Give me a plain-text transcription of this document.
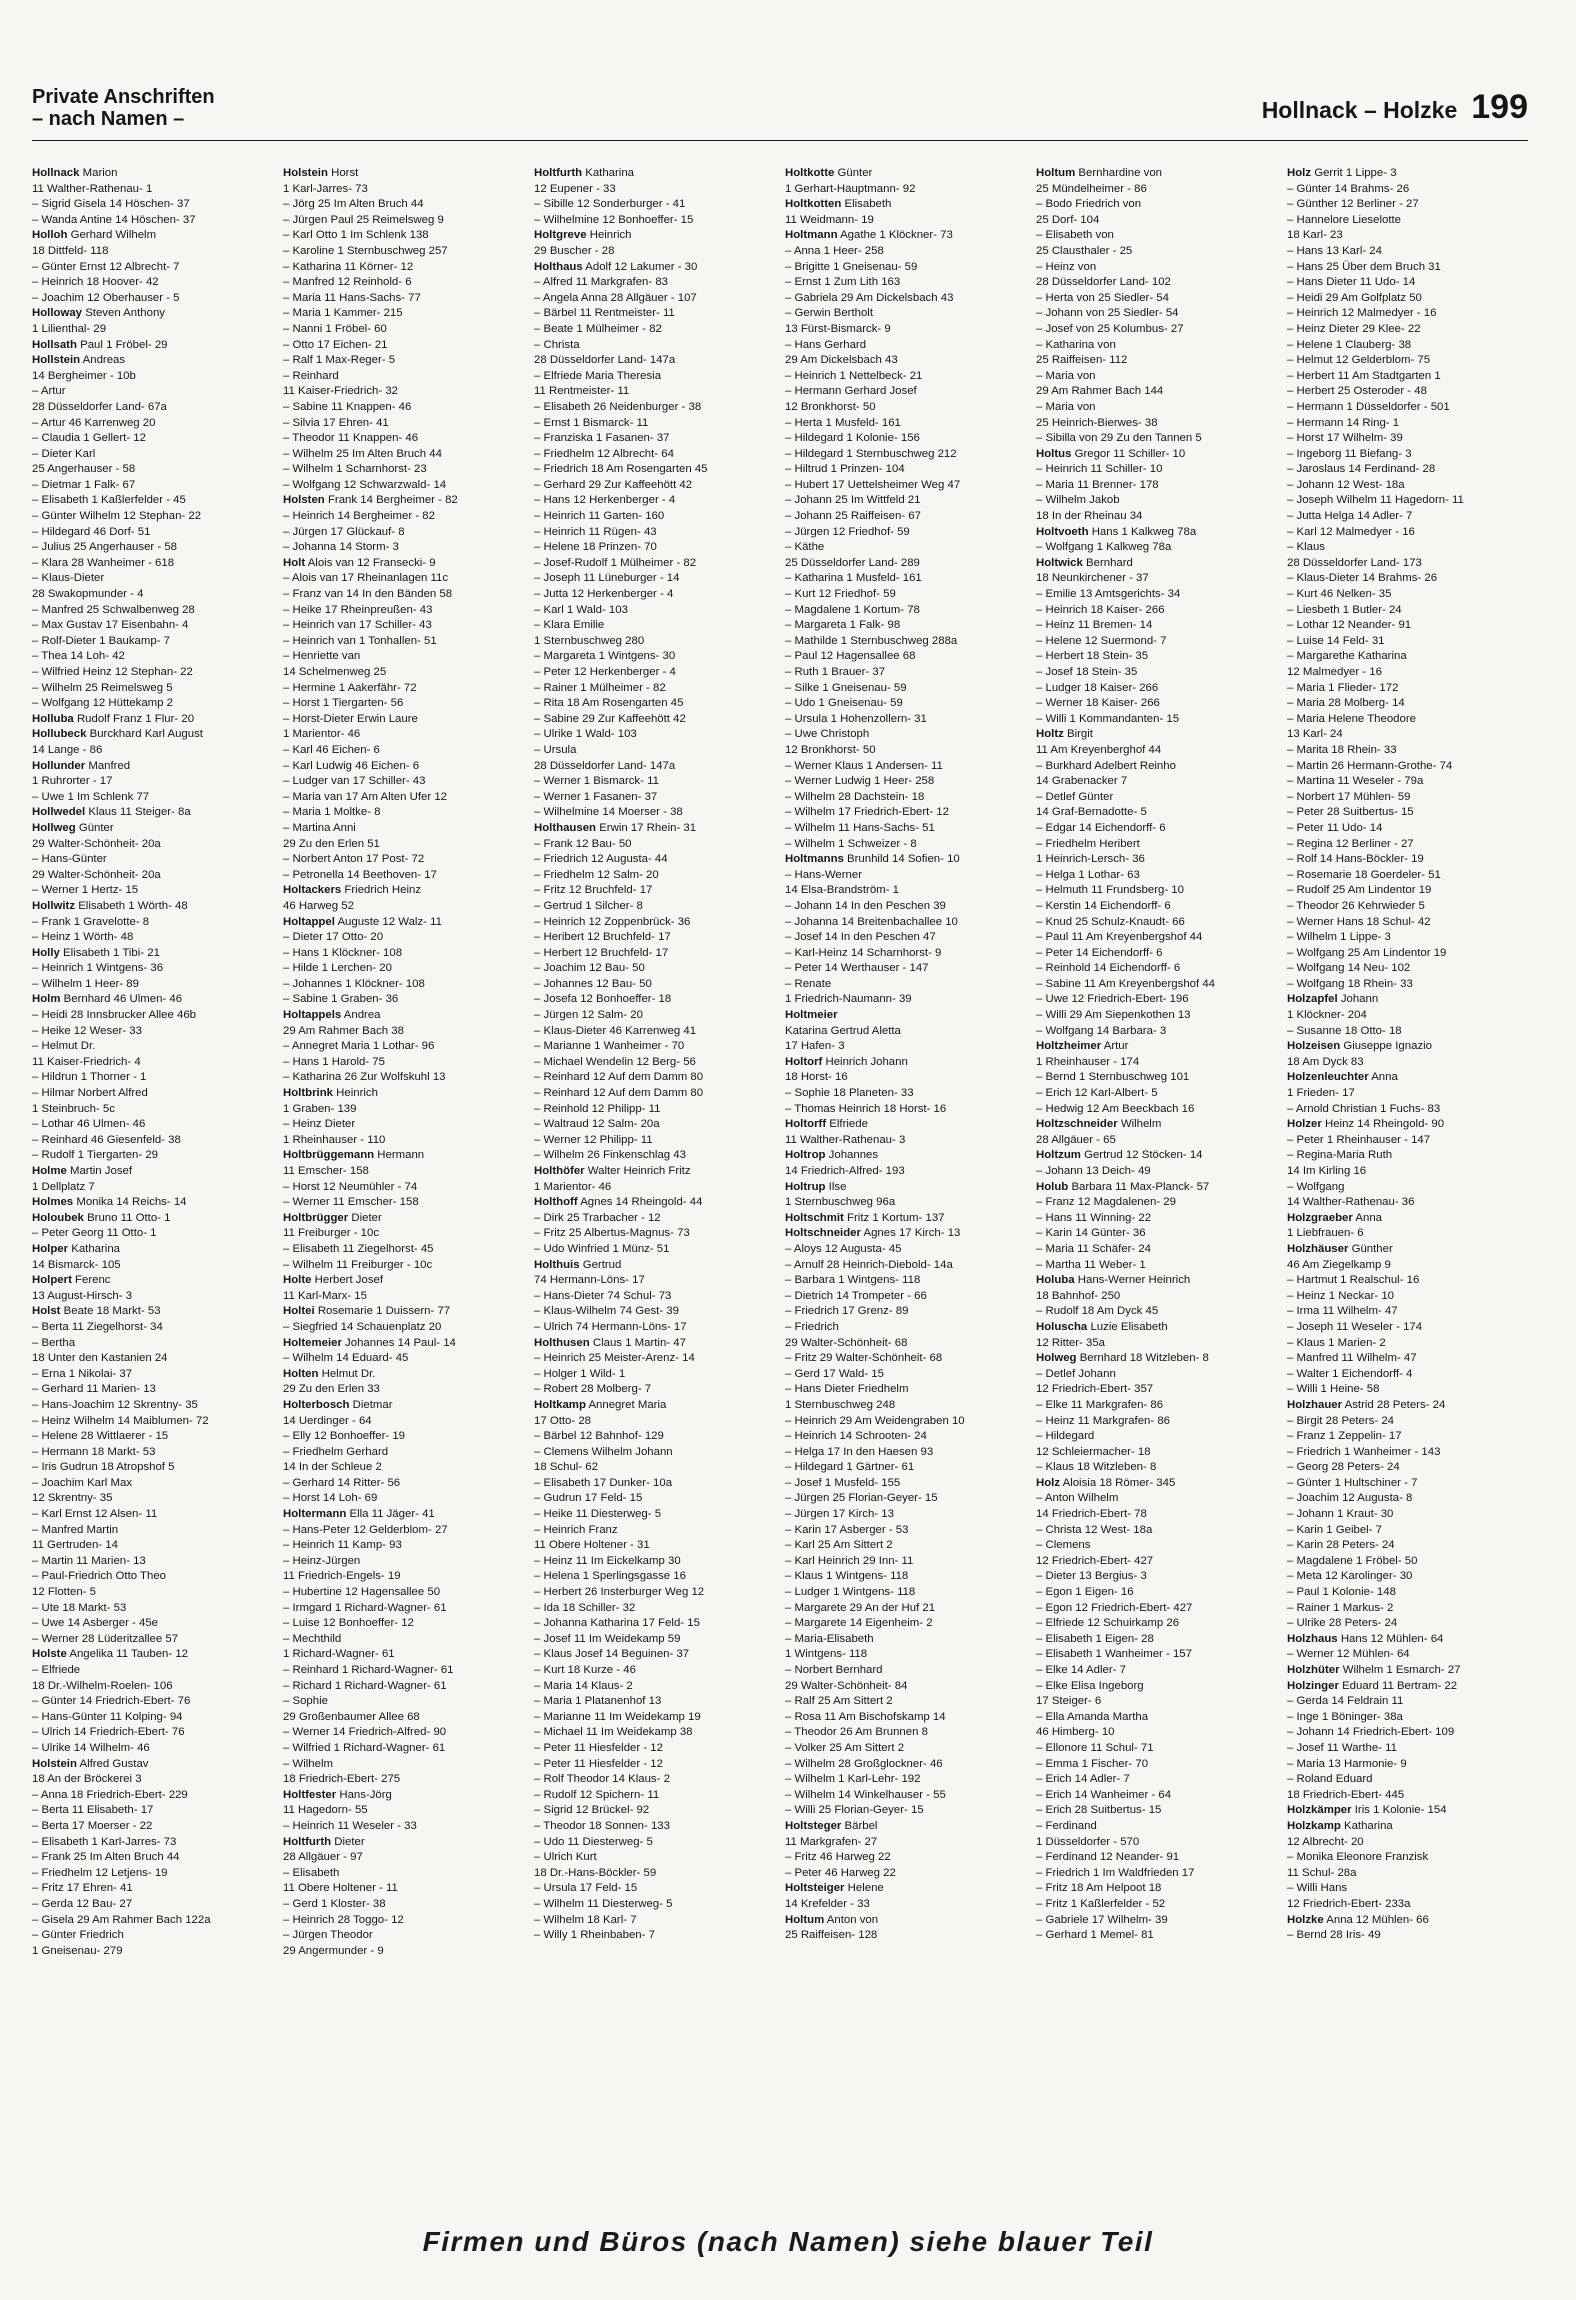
Private Anschriften
– nach Namen –	Hollnack – Holzke 199

Hollnack Marion

11 Walther-Rathenau- 1

– Sigrid Gisela 14 Höschen- 37

– Wanda Antine 14 Höschen- 37

Holloh Gerhard Wilhelm

18 Dittfeld- 118

– Günter Ernst 12 Albrecht- 7

– Heinrich 18 Hoover- 42

– Joachim 12 Oberhauser - 5

Holloway Steven Anthony

1 Lilienthal- 29

Hollsath Paul 1 Fröbel- 29

Hollstein Andreas

14 Bergheimer - 10b

– Artur

28 Düsseldorfer Land- 67a

– Artur 46 Karrenweg 20

– Claudia 1 Gellert- 12

– Dieter Karl

25 Angerhauser - 58

– Dietmar 1 Falk- 67

– Elisabeth 1 Kaßlerfelder - 45

– Günter Wilhelm 12 Stephan- 22

– Hildegard 46 Dorf- 51

– Julius 25 Angerhauser - 58

– Klara 28 Wanheimer - 618

– Klaus-Dieter

28 Swakopmunder - 4

– Manfred 25 Schwalbenweg 28

– Max Gustav 17 Eisenbahn- 4

– Rolf-Dieter 1 Baukamp- 7

– Thea 14 Loh- 42

– Wilfried Heinz 12 Stephan- 22

– Wilhelm 25 Reimelsweg 5

– Wolfgang 12 Hüttekamp 2

Holluba Rudolf Franz 1 Flur- 20

Hollubeck Burckhard Karl August

14 Lange - 86

Hollunder Manfred

1 Ruhrorter - 17

– Uwe 1 Im Schlenk 77

Hollwedel Klaus 11 Steiger- 8a

Hollweg Günter

29 Walter-Schönheit- 20a

– Hans-Günter

29 Walter-Schönheit- 20a

– Werner 1 Hertz- 15

Hollwitz Elisabeth 1 Wörth- 48

– Frank 1 Gravelotte- 8

– Heinz 1 Wörth- 48

Holly Elisabeth 1 Tibi- 21

– Heinrich 1 Wintgens- 36

– Wilhelm 1 Heer- 89

Holm Bernhard 46 Ulmen- 46

– Heidi 28 Innsbrucker Allee 46b

– Heike 12 Weser- 33

– Helmut Dr.

11 Kaiser-Friedrich- 4

– Hildrun 1 Thorner - 1

– Hilmar Norbert Alfred

1 Steinbruch- 5c

– Lothar 46 Ulmen- 46

– Reinhard 46 Giesenfeld- 38

– Rudolf 1 Tiergarten- 29

Holme Martin Josef

1 Dellplatz 7

Holmes Monika 14 Reichs- 14

Holoubek Bruno 11 Otto- 1

– Peter Georg 11 Otto- 1

Holper Katharina

14 Bismarck- 105

Holpert Ferenc

13 August-Hirsch- 3

Holst Beate 18 Markt- 53

– Berta 11 Ziegelhorst- 34

– Bertha

18 Unter den Kastanien 24

– Erna 1 Nikolai- 37

– Gerhard 11 Marien- 13

– Hans-Joachim 12 Skrentny- 35

– Heinz Wilhelm 14 Maiblumen- 72

– Helene 28 Wittlaerer - 15

– Hermann 18 Markt- 53

– Iris Gudrun 18 Atropshof 5

– Joachim Karl Max

12 Skrentny- 35

– Karl Ernst 12 Alsen- 11

– Manfred Martin

11 Gertruden- 14

– Martin 11 Marien- 13

– Paul-Friedrich Otto Theo

12 Flotten- 5

– Ute 18 Markt- 53

– Uwe 14 Asberger - 45e

– Werner 28 Lüderitzallee 57

Holste Angelika 11 Tauben- 12

– Elfriede

18 Dr.-Wilhelm-Roelen- 106

– Günter 14 Friedrich-Ebert- 76

– Hans-Günter 11 Kolping- 94

– Ulrich 14 Friedrich-Ebert- 76

– Ulrike 14 Wilhelm- 46

Holstein Alfred Gustav

18 An der Bröckerei 3

– Anna 18 Friedrich-Ebert- 229

– Berta 11 Elisabeth- 17

– Berta 17 Moerser - 22

– Elisabeth 1 Karl-Jarres- 73

– Frank 25 Im Alten Bruch 44

– Friedhelm 12 Letjens- 19

– Fritz 17 Ehren- 41

– Gerda 12 Bau- 27

– Gisela 29 Am Rahmer Bach 122a

– Günter Friedrich

1 Gneisenau- 279

Holstein Horst

1 Karl-Jarres- 73

– Jörg 25 Im Alten Bruch 44

– Jürgen Paul 25 Reimelsweg 9

– Karl Otto 1 Im Schlenk 138

– Karoline 1 Sternbuschweg 257

– Katharina 11 Körner- 12

– Manfred 12 Reinhold- 6

– Maria 11 Hans-Sachs- 77

– Maria 1 Kammer- 215

– Nanni 1 Fröbel- 60

– Otto 17 Eichen- 21

– Ralf 1 Max-Reger- 5

– Reinhard

11 Kaiser-Friedrich- 32

– Sabine 11 Knappen- 46

– Silvia 17 Ehren- 41

– Theodor 11 Knappen- 46

– Wilhelm 25 Im Alten Bruch 44

– Wilhelm 1 Scharnhorst- 23

– Wolfgang 12 Schwarzwald- 14

Holsten Frank 14 Bergheimer - 82

– Heinrich 14 Bergheimer - 82

– Jürgen 17 Glückauf- 8

– Johanna 14 Storm- 3

Holt Alois van 12 Franseckі- 9

– Alois van 17 Rheinanlagen 11c

– Franz van 14 In den Bänden 58

– Heike 17 Rheinpreußen- 43

– Heinrich van 17 Schiller- 43

– Heinrich van 1 Tonhallen- 51

– Henriette van

14 Schelmenweg 25

– Hermine 1 Aakerfähr- 72

– Horst 1 Tiergarten- 56

– Horst-Dieter Erwin Laure

1 Marientor- 46

– Karl 46 Eichen- 6

– Karl Ludwig 46 Eichen- 6

– Ludger van 17 Schiller- 43

– Maria van 17 Am Alten Ufer 12

– Maria 1 Moltke- 8

– Martina Anni

29 Zu den Erlen 51

– Norbert Anton 17 Post- 72

– Petronella 14 Beethoven- 17

Holtackers Friedrich Heinz

46 Harweg 52

Holtappel Auguste 12 Walz- 11

– Dieter 17 Otto- 20

– Hans 1 Klöckner- 108

– Hilde 1 Lerchen- 20

– Johannes 1 Klöckner- 108

– Sabine 1 Graben- 36

Holtappels Andrea

29 Am Rahmer Bach 38

– Annegret Maria 1 Lothar- 96

– Hans 1 Harold- 75

– Katharina 26 Zur Wolfskuhl 13

Holtbrink Heinrich

1 Graben- 139

– Heinz Dieter

1 Rheinhauser - 110

Holtbrüggemann Hermann

11 Emscher- 158

– Horst 12 Neumühler - 74

– Werner 11 Emscher- 158

Holtbrügger Dieter

11 Freiburger - 10c

– Elisabeth 11 Ziegelhorst- 45

– Wilhelm 11 Freiburger - 10c

Holte Herbert Josef

11 Karl-Marx- 15

Holtei Rosemarie 1 Duissern- 77

– Siegfried 14 Schauenplatz 20

Holtemeier Johannes 14 Paul- 14

– Wilhelm 14 Eduard- 45

Holten Helmut Dr.

29 Zu den Erlen 33

Holterbosch Dietmar

14 Uerdinger - 64

– Elly 12 Bonhoeffer- 19

– Friedhelm Gerhard

14 In der Schleue 2

– Gerhard 14 Ritter- 56

– Horst 14 Loh- 69

Holtermann Ella 11 Jäger- 41

– Hans-Peter 12 Gelderblom- 27

– Heinrich 11 Kamp- 93

– Heinz-Jürgen

11 Friedrich-Engels- 19

– Hubertine 12 Hagensallee 50

– Irmgard 1 Richard-Wagner- 61

– Luise 12 Bonhoeffer- 12

– Mechthild

1 Richard-Wagner- 61

– Reinhard 1 Richard-Wagner- 61

– Richard 1 Richard-Wagner- 61

– Sophie

29 Großenbaumer Allee 68

– Werner 14 Friedrich-Alfred- 90

– Wilfried 1 Richard-Wagner- 61

– Wilhelm

18 Friedrich-Ebert- 275

Holtfester Hans-Jörg

11 Hagedorn- 55

– Heinrich 11 Weseler - 33

Holtfurth Dieter

28 Allgäuer - 97

– Elisabeth

11 Obere Holtener - 11

– Gerd 1 Kloster- 38

– Heinrich 28 Toggo- 12

– Jürgen Theodor

29 Angermunder - 9

Holtfurth Katharina

12 Eupener - 33

– Sibille 12 Sonderburger - 41

– Wilhelmine 12 Bonhoeffer- 15

Holtgreve Heinrich

29 Buscher - 28

Holthaus Adolf 12 Lakumer - 30

– Alfred 11 Markgrafen- 83

– Angela Anna 28 Allgäuer - 107

– Bärbel 11 Rentmeister- 11

– Beate 1 Mülheimer - 82

– Christa

28 Düsseldorfer Land- 147a

– Elfriede Maria Theresia

11 Rentmeister- 11

– Elisabeth 26 Neidenburger - 38

– Ernst 1 Bismarck- 11

– Franziska 1 Fasanen- 37

– Friedhelm 12 Albrecht- 64

– Friedrich 18 Am Rosengarten 45

– Gerhard 29 Zur Kaffeehött 42

– Hans 12 Herkenberger - 4

– Heinrich 11 Garten- 160

– Heinrich 11 Rügen- 43

– Helene 18 Prinzen- 70

– Josef-Rudolf 1 Mülheimer - 82

– Joseph 11 Lüneburger - 14

– Jutta 12 Herkenberger - 4

– Karl 1 Wald- 103

– Klara Emilie

1 Sternbuschweg 280

– Margareta 1 Wintgens- 30

– Peter 12 Herkenberger - 4

– Rainer 1 Mülheimer - 82

– Rita 18 Am Rosengarten 45

– Sabine 29 Zur Kaffeehött 42

– Ulrike 1 Wald- 103

– Ursula

28 Düsseldorfer Land- 147a

– Werner 1 Bismarck- 11

– Werner 1 Fasanen- 37

– Wilhelmine 14 Moerser - 38

Holthausen Erwin 17 Rhein- 31

– Frank 12 Bau- 50

– Friedrich 12 Augusta- 44

– Friedhelm 12 Salm- 20

– Fritz 12 Bruchfeld- 17

– Gertrud 1 Silcher- 8

– Heinrich 12 Zoppenbrück- 36

– Heribert 12 Bruchfeld- 17

– Herbert 12 Bruchfeld- 17

– Joachim 12 Bau- 50

– Johannes 12 Bau- 50

– Josefa 12 Bonhoeffer- 18

– Jürgen 12 Salm- 20

– Klaus-Dieter 46 Karrenweg 41

– Marianne 1 Wanheimer - 70

– Michael Wendelin 12 Berg- 56

– Reinhard 12 Auf dem Damm 80

– Reinhard 12 Auf dem Damm 80

– Reinhold 12 Philipp- 11

– Waltraud 12 Salm- 20a

– Werner 12 Philipp- 11

– Wilhelm 26 Finkenschlag 43

Holthöfer Walter Heinrich Fritz

1 Marientor- 46

Holthoff Agnes 14 Rheingold- 44

– Dirk 25 Trarbacher - 12

– Fritz 25 Albertus-Magnus- 73

– Udo Winfried 1 Münz- 51

Holthuis Gertrud

74 Hermann-Löns- 17

– Hans-Dieter 74 Schul- 73

– Klaus-Wilhelm 74 Gest- 39

– Ulrich 74 Hermann-Löns- 17

Holthusen Claus 1 Martin- 47

– Heinrich 25 Meister-Arenz- 14

– Holger 1 Wild- 1

– Robert 28 Molberg- 7

Holtkamp Annegret Maria

17 Otto- 28

– Bärbel 12 Bahnhof- 129

– Clemens Wilhelm Johann

18 Schul- 62

– Elisabeth 17 Dunker- 10a

– Gudrun 17 Feld- 15

– Heike 11 Diesterweg- 5

– Heinrich Franz

11 Obere Holtener - 31

– Heinz 11 Im Eickelkamp 30

– Helena 1 Sperlingsgasse 16

– Herbert 26 Insterburger Weg 12

– Ida 18 Schiller- 32

– Johanna Katharina 17 Feld- 15

– Josef 11 Im Weidekamp 59

– Klaus Josef 14 Beguinen- 37

– Kurt 18 Kurze - 46

– Maria 14 Klaus- 2

– Maria 1 Platanenhof 13

– Marianne 11 Im Weidekamp 19

– Michael 11 Im Weidekamp 38

– Peter 11 Hiesfelder - 12

– Peter 11 Hiesfelder - 12

– Rolf Theodor 14 Klaus- 2

– Rudolf 12 Spichern- 11

– Sigrid 12 Brückel- 92

– Theodor 18 Sonnen- 133

– Udo 11 Diesterweg- 5

– Ulrich Kurt

18 Dr.-Hans-Böckler- 59

– Ursula 17 Feld- 15

– Wilhelm 11 Diesterweg- 5

– Wilhelm 18 Karl- 7

– Willy 1 Rheinbaben- 7

Holtkotte Günter

1 Gerhart-Hauptmann- 92

Holtkotten Elisabeth

11 Weidmann- 19

Holtmann Agathe 1 Klöckner- 73

– Anna 1 Heer- 258

– Brigitte 1 Gneisenau- 59

– Ernst 1 Zum Lith 163

– Gabriela 29 Am Dickelsbach 43

– Gerwin Bertholt

13 Fürst-Bismarck- 9

– Hans Gerhard

29 Am Dickelsbach 43

– Heinrich 1 Nettelbeck- 21

– Hermann Gerhard Josef

12 Bronkhorst- 50

– Herta 1 Musfeld- 161

– Hildegard 1 Kolonie- 156

– Hildegard 1 Sternbuschweg 212

– Hiltrud 1 Prinzen- 104

– Hubert 17 Uettelsheimer Weg 47

– Johann 25 Im Wittfeld 21

– Johann 25 Raiffeisen- 67

– Jürgen 12 Friedhof- 59

– Käthe

25 Düsseldorfer Land- 289

– Katharina 1 Musfeld- 161

– Kurt 12 Friedhof- 59

– Magdalene 1 Kortum- 78

– Margareta 1 Falk- 98

– Mathilde 1 Sternbuschweg 288a

– Paul 12 Hagensallee 68

– Ruth 1 Brauer- 37

– Silke 1 Gneisenau- 59

– Udo 1 Gneisenau- 59

– Ursula 1 Hohenzollern- 31

– Uwe Christoph

12 Bronkhorst- 50

– Werner Klaus 1 Andersen- 11

– Werner Ludwig 1 Heer- 258

– Wilhelm 28 Dachstein- 18

– Wilhelm 17 Friedrich-Ebert- 12

– Wilhelm 11 Hans-Sachs- 51

– Wilhelm 1 Schweizer - 8

Holtmanns Brunhild 14 Sofien- 10

– Hans-Werner

14 Elsa-Brandström- 1

– Johann 14 In den Peschen 39

– Johanna 14 Breitenbachallee 10

– Josef 14 In den Peschen 47

– Karl-Heinz 14 Scharnhorst- 9

– Peter 14 Werthauser - 147

– Renate

1 Friedrich-Naumann- 39

Holtmeier

Katarina Gertrud Aletta

17 Hafen- 3

Holtorf Heinrich Johann

18 Horst- 16

– Sophie 18 Planeten- 33

– Thomas Heinrich 18 Horst- 16

Holtorff Elfriede

11 Walther-Rathenau- 3

Holtrop Johannes

14 Friedrich-Alfred- 193

Holtrup Ilse

1 Sternbuschweg 96a

Holtschmit Fritz 1 Kortum- 137

Holtschneider Agnes 17 Kirch- 13

– Aloys 12 Augusta- 45

– Arnulf 28 Heinrich-Diebold- 14a

– Barbara 1 Wintgens- 118

– Dietrich 14 Trompeter - 66

– Friedrich 17 Grenz- 89

– Friedrich

29 Walter-Schönheit- 68

– Fritz 29 Walter-Schönheit- 68

– Gerd 17 Wald- 15

– Hans Dieter Friedhelm

1 Sternbuschweg 248

– Heinrich 29 Am Weidengraben 10

– Heinrich 14 Schrooten- 24

– Helga 17 In den Haesen 93

– Hildegard 1 Gärtner- 61

– Josef 1 Musfeld- 155

– Jürgen 25 Florian-Geyer- 15

– Jürgen 17 Kirch- 13

– Karin 17 Asberger - 53

– Karl 25 Am Sittert 2

– Karl Heinrich 29 Inn- 11

– Klaus 1 Wintgens- 118

– Ludger 1 Wintgens- 118

– Margarete 29 An der Huf 21

– Margarete 14 Eigenheim- 2

– Maria-Elisabeth

1 Wintgens- 118

– Norbert Bernhard

29 Walter-Schönheit- 84

– Ralf 25 Am Sittert 2

– Rosa 11 Am Bischofskamp 14

– Theodor 26 Am Brunnen 8

– Volker 25 Am Sittert 2

– Wilhelm 28 Großglockner- 46

– Wilhelm 1 Karl-Lehr- 192

– Wilhelm 14 Winkelhauser - 55

– Willi 25 Florian-Geyer- 15

Holtsteger Bärbel

11 Markgrafen- 27

– Fritz 46 Harweg 22

– Peter 46 Harweg 22

Holtsteiger Helene

14 Krefelder - 33

Holtum Anton von

25 Raiffeisen- 128

Holtum Bernhardine von

25 Mündelheimer - 86

– Bodo Friedrich von

25 Dorf- 104

– Elisabeth von

25 Clausthaler - 25

– Heinz von

28 Düsseldorfer Land- 102

– Herta von 25 Siedler- 54

– Johann von 25 Siedler- 54

– Josef von 25 Kolumbus- 27

– Katharina von

25 Raiffeisen- 112

– Maria von

29 Am Rahmer Bach 144

– Maria von

25 Heinrich-Bierwes- 38

– Sibilla von 29 Zu den Tannen 5

Holtus Gregor 11 Schiller- 10

– Heinrich 11 Schiller- 10

– Maria 11 Brenner- 178

– Wilhelm Jakob

18 In der Rheinau 34

Holtvoeth Hans 1 Kalkweg 78a

– Wolfgang 1 Kalkweg 78a

Holtwick Bernhard

18 Neunkirchener - 37

– Emilie 13 Amtsgerichts- 34

– Heinrich 18 Kaiser- 266

– Heinz 11 Bremen- 14

– Helene 12 Suermond- 7

– Herbert 18 Stein- 35

– Josef 18 Stein- 35

– Ludger 18 Kaiser- 266

– Werner 18 Kaiser- 266

– Willi 1 Kommandanten- 15

Holtz Birgit

11 Am Kreyenberghof 44

– Burkhard Adelbert Reinho

14 Grabenacker 7

– Detlef Günter

14 Graf-Bernadotte- 5

– Edgar 14 Eichendorff- 6

– Friedhelm Heribert

1 Heinrich-Lersch- 36

– Helga 1 Lothar- 63

– Helmuth 11 Frundsberg- 10

– Kerstin 14 Eichendorff- 6

– Knud 25 Schulz-Knaudt- 66

– Paul 11 Am Kreyenbergshof 44

– Peter 14 Eichendorff- 6

– Reinhold 14 Eichendorff- 6

– Sabine 11 Am Kreyenbergshof 44

– Uwe 12 Friedrich-Ebert- 196

– Willi 29 Am Siepenkothen 13

– Wolfgang 14 Barbara- 3

Holtzheimer Artur

1 Rheinhauser - 174

– Bernd 1 Sternbuschweg 101

– Erich 12 Karl-Albert- 5

– Hedwig 12 Am Beeckbach 16

Holtzschneider Wilhelm

28 Allgäuer - 65

Holtzum Gertrud 12 Stöcken- 14

– Johann 13 Deich- 49

Holub Barbara 11 Max-Planck- 57

– Franz 12 Magdalenen- 29

– Hans 11 Winning- 22

– Karin 14 Günter- 36

– Maria 11 Schäfer- 24

– Martha 11 Weber- 1

Holuba Hans-Werner Heinrich

18 Bahnhof- 250

– Rudolf 18 Am Dyck 45

Holuscha Luzie Elisabeth

12 Ritter- 35a

Holweg Bernhard 18 Witzleben- 8

– Detlef Johann

12 Friedrich-Ebert- 357

– Elke 11 Markgrafen- 86

– Heinz 11 Markgrafen- 86

– Hildegard

12 Schleiermacher- 18

– Klaus 18 Witzleben- 8

Holz Aloisia 18 Römer- 345

– Anton Wilhelm

14 Friedrich-Ebert- 78

– Christa 12 West- 18a

– Clemens

12 Friedrich-Ebert- 427

– Dieter 13 Bergius- 3

– Egon 1 Eigen- 16

– Egon 12 Friedrich-Ebert- 427

– Elfriede 12 Schuirkamp 26

– Elisabeth 1 Eigen- 28

– Elisabeth 1 Wanheimer - 157

– Elke 14 Adler- 7

– Elke Elisa Ingeborg

17 Steiger- 6

– Ella Amanda Martha

46 Himberg- 10

– Ellonore 11 Schul- 71

– Emma 1 Fischer- 70

– Erich 14 Adler- 7

– Erich 14 Wanheimer - 64

– Erich 28 Suitbertus- 15

– Ferdinand

1 Düsseldorfer - 570

– Ferdinand 12 Neander- 91

– Friedrich 1 Im Waldfrieden 17

– Fritz 18 Am Helpoot 18

– Fritz 1 Kaßlerfelder - 52

– Gabriele 17 Wilhelm- 39

– Gerhard 1 Memel- 81

Holz Gerrit 1 Lippe- 3

– Günter 14 Brahms- 26

– Günther 12 Berliner - 27

– Hannelore Lieselotte

18 Karl- 23

– Hans 13 Karl- 24

– Hans 25 Über dem Bruch 31

– Hans Dieter 11 Udo- 14

– Heidi 29 Am Golfplatz 50

– Heinrich 12 Malmedyer - 16

– Heinz Dieter 29 Klee- 22

– Helene 1 Clauberg- 38

– Helmut 12 Gelderblom- 75

– Herbert 11 Am Stadtgarten 1

– Herbert 25 Osteroder - 48

– Hermann 1 Düsseldorfer - 501

– Hermann 14 Ring- 1

– Horst 17 Wilhelm- 39

– Ingeborg 11 Biefang- 3

– Jaroslaus 14 Ferdinand- 28

– Johann 12 West- 18a

– Joseph Wilhelm 11 Hagedorn- 11

– Jutta Helga 14 Adler- 7

– Karl 12 Malmedyer - 16

– Klaus

28 Düsseldorfer Land- 173

– Klaus-Dieter 14 Brahms- 26

– Kurt 46 Nelken- 35

– Liesbeth 1 Butler- 24

– Lothar 12 Neander- 91

– Luise 14 Feld- 31

– Margarethe Katharina

12 Malmedyer - 16

– Maria 1 Flieder- 172

– Maria 28 Molberg- 14

– Maria Helene Theodore

13 Karl- 24

– Marita 18 Rhein- 33

– Martin 26 Hermann-Grothe- 74

– Martina 11 Weseler - 79a

– Norbert 17 Mühlen- 59

– Peter 28 Suitbertus- 15

– Peter 11 Udo- 14

– Regina 12 Berliner - 27

– Rolf 14 Hans-Böckler- 19

– Rosemarie 18 Goerdeler- 51

– Rudolf 25 Am Lindentor 19

– Theodor 26 Kehrwieder 5

– Werner Hans 18 Schul- 42

– Wilhelm 1 Lippe- 3

– Wolfgang 25 Am Lindentor 19

– Wolfgang 14 Neu- 102

– Wolfgang 18 Rhein- 33

Holzapfel Johann

1 Klöckner- 204

– Susanne 18 Otto- 18

Holzeisen Giuseppe Ignazio

18 Am Dyck 83

Holzenleuchter Anna

1 Frieden- 17

– Arnold Christian 1 Fuchs- 83

Holzer Heinz 14 Rheingold- 90

– Peter 1 Rheinhauser - 147

– Regina-Maria Ruth

14 Im Kirling 16

– Wolfgang

14 Walther-Rathenau- 36

Holzgraeber Anna

1 Liebfrauen- 6

Holzhäuser Günther

46 Am Ziegelkamp 9

– Hartmut 1 Realschul- 16

– Heinz 1 Neckar- 10

– Irma 11 Wilhelm- 47

– Joseph 11 Weseler - 174

– Klaus 1 Marien- 2

– Manfred 11 Wilhelm- 47

– Walter 1 Eichendorff- 4

– Willi 1 Heine- 58

Holzhauer Astrid 28 Peters- 24

– Birgit 28 Peters- 24

– Franz 1 Zeppelin- 17

– Friedrich 1 Wanheimer - 143

– Georg 28 Peters- 24

– Günter 1 Hultschiner - 7

– Joachim 12 Augusta- 8

– Johann 1 Kraut- 30

– Karin 1 Geibel- 7

– Karin 28 Peters- 24

– Magdalene 1 Fröbel- 50

– Meta 12 Karolinger- 30

– Paul 1 Kolonie- 148

– Rainer 1 Markus- 2

– Ulrike 28 Peters- 24

Holzhaus Hans 12 Mühlen- 64

– Werner 12 Mühlen- 64

Holzhüter Wilhelm 1 Esmarch- 27

Holzinger Eduard 11 Bertram- 22

– Gerda 14 Feldrain 11

– Inge 1 Böninger- 38a

– Johann 14 Friedrich-Ebert- 109

– Josef 11 Warthe- 11

– Maria 13 Harmonie- 9

– Roland Eduard

18 Friedrich-Ebert- 445

Holzkämper Iris 1 Kolonie- 154

Holzkamp Katharina

12 Albrecht- 20

– Monika Eleonore Franzisk

11 Schul- 28a

– Willi Hans

12 Friedrich-Ebert- 233a

Holzke Anna 12 Mühlen- 66

– Bernd 28 Iris- 49

Firmen und Büros (nach Namen) siehe blauer Teil
